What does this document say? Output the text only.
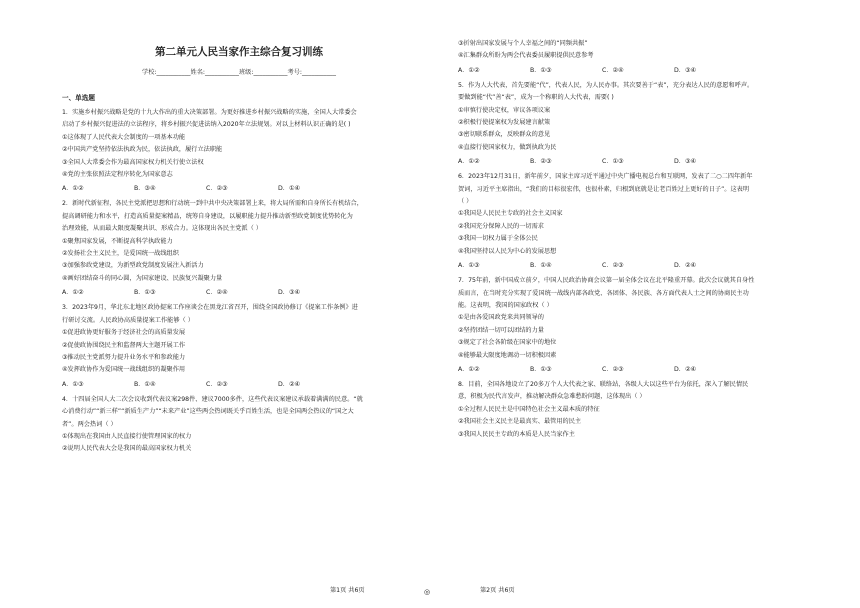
第二单元人民当家作主综合复习训练
学校:___________姓名:___________班级:___________考号:___________
一、单选题

1．实施乡村振兴战略是党的十九大作出的重大决策部署。为更好推进乡村振兴战略的实施，全国人大常委会

启动了乡村振兴促进法的立法程序，将乡村振兴促进法纳入2020年立法规划。对以上材料认识正确的是( )

①这体现了人民代表大会制度的一项基本功能
②中国共产党坚持依法执政为民，依法执政，履行立法职能
③全国人大常委会作为最高国家权力机关行使立法权
④党的主张依照法定程序转化为国家意志
A．①②	B．③④	C．②③	D．①④

2．新时代新征程，各民主党派把思想和行动统一到中共中央决策部署上来，将大局所需和自身所长有机结合，

提高调研能力和水平，打造高质量提案精品，统筹自身建设，以履职能力提升推动新型政党制度优势转化为

治理效能，从而最大限度凝聚共识、形成合力。这体现出各民主党派（ ）

①聚焦国家发展，不断提高科学执政能力
②发扬社会主义民主，是爱国统一战线组织
③加强参政党建设，为新型政党制度发展注入新活力
④画好团结奋斗的同心圆，为国家建设、民族复兴凝聚力量
A．①②	B．①③	C．②④	D．③④

3．2023年9月，华北东北地区政协提案工作座谈会在黑龙江省召开，围绕全国政协修订《提案工作条例》进

行研讨交流。人民政协高质量提案工作能够（ ）

①促进政协更好服务于经济社会的高质量发展
②促使政协围绕民主和监督两大主题开展工作
③推动民主党派努力提升业务水平和参政能力
④发挥政协作为爱国统一战线组织的凝聚作用
A．①③	B．①④	C．②③	D．②④

4．十四届全国人大二次会议收到代表议案298件、建议7000多件，这些代表议案建议承载着满满的民意。“就

心消费行动”“新三样”“新质生产力”“未来产业”这些两会热词既关乎百姓生活，也是全国两会热议的“国之大

者”。两会热词（ ）

①体现出在我国由人民直接行使管理国家的权力
②说明人民代表大会是我国的最高国家权力机关
③折射出国家发展与个人幸福之间的“同频共振”
④汇集群众所盼为两会代表委员履职提供民意参考
A．①②	B．①③	C．②④	D．③④

5．作为人大代表，首先要能“代”，代表人民，为人民办事。其次要善于“表”，充分表达人民的意愿和呼声。

要做到能“代”善“表”，成为一个称职的人大代表，需要( )

①审慎行使决定权，审议各项议案
②积极行使提案权为发展建言献策
③密切联系群众，反映群众的意见
④直接行使国家权力，做到执政为民
A．①②	B．②③	C．①③	D．③④

6．2023年12月31日，新年前夕，国家主席习近平通过中央广播电视总台和互联网，发表了二○二四年新年

贺词，习近平主席指出，“我们的目标很宏伟，也很朴素，归根到底就是让老百姓过上更好的日子”。这表明

（ ）

①我国是人民民主专政的社会主义国家
②我国充分保障人民的一切需求
③我国一切权力属于全体公民
④我国坚持以人民为中心的发展思想
A．①③	B．①④	C．②③	D．②④

7．75年前，新中国成立前夕，中国人民政治协商会议第一届全体会议在北平隆重开幕。此次会议就其自身性

质而言，在当时充分实现了爱国统一战线内部各政党、各团体、各民族、各方面代表人士之间的协商民主功

能。这表明，我国的国家政权（ ）

①是由各爱国政党来共同领导的
②坚持团结一切可以团结的力量
③规定了社会各阶级在国家中的地位
④能够最大限度地调动一切积极因素
A．①②	B．①③	C．②③	D．②④

8．目前，全国各地设立了20多万个人大代表之家、联络站，各级人大以这些平台为依托，深入了解民情民

意，积极为民代言发声，推动解决群众急难愁盼问题，这体现出（ ）

①全过程人民民主是中国特色社会主义最本质的特征
②我国社会主义民主是最真实、最管用的民主
③我国人民民主专政的本质是人民当家作主
第1页 共6页	◎	第2页 共6页
